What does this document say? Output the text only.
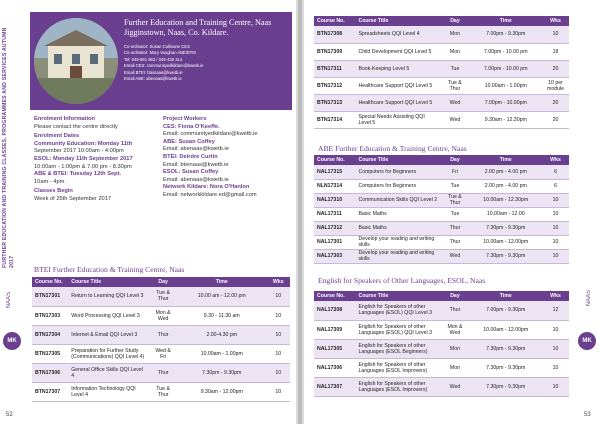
FURTHER EDUCATION AND TRAINING CLASSES, PROGRAMMES AND SERVICES AUTUMN 2017
NAAS
MK
52
Further Education and Training Centre, Naas
Jigginstown, Naas, Co. Kildare.
Co-ordinator: Susan Cullinane CES
Co-ordinator: Mary Vaughan ABE/BTEI
Tel: 045-861 863 / 045-436 314
Email CES: communityedkildare@kwetb.ie
Email BTEI: bteinaas@kwetb.ie
Email ABE: abenaas@kwetb.ie
Enrolment Information
Please contact the centre directly
Enrolment Dates
Community Education: Monday 11th
September 2017 10:00am - 4:00pm
ESOL: Monday 11th September 2017
10:00am - 1:00pm & 7.00 pm - 8.30pm
ABE & BTEI: Tuesday 12th Sept.
10am - 4pm.
Classes Begin
Week of 25th September 2017
Project Workers
CES: Fiona O'Keeffe.
Email: communityedkildare@kwetb.ie
ABE: Susan Coffey
Email: abenaas@kwetb.ie
BTEI: Deirdre Curtin
Email: bteinaas@kwetb.ie
ESOL: Susan Coffey
Email: abenaas@kwetb.ie
Network Kildare: Nora O'Hanlon
Email: networkkildare.ed@gmail.com
BTEI Further Education & Training Centre, Naas
Course No.	Course Title	Day	Time	Wks
BTN17301	Return to Learning QQI Level 3	Tue & Thur	10.00 am - 12.00 pm	10
BTN17303	Word Processing QQI Level 3	Mon & Wed	9.30 - 11.30 am	10
BTN17304	Internet & Email QQI Level 3	Thur	2.00-4.30 pm	10
BTN17305	Preparation for Further Study (Communications) QQI Level 4)	Wed & Fri	10.00am - 1.00pm	10
BTN17306	General Office Skills QQI Level 4	Thur	7.30pm - 9.30pm	10
BTN17307	Information Technology QQI Level 4	Tue & Thur	9.30am - 12.00pm	10
NAAS
MK
53
Course No.	Course Title	Day	Time	Wks
BTN17308	Spreadsheets QQI Level 4	Mon	7.00pm - 9.30pm	10
BTN17309	Child Development QQI Level 5	Mon	7.00pm - 10.00 pm	18
BTN17311	Book-Keeping Level 5	Tue	7.00pm - 10.00 pm	20
BTN17312	Healthcare Support QQI Level 5	Tue & Thur	10.00am - 1.00pm	10 per module
BTN17313	Healthcare Support QQI Level 5	Wed	7.00pm - 10.00pm	20
BTN17314	Special Needs Assisting QQI Level 5	Wed	9.30am - 12.30pm	20
ABE Further Education & Training Centre, Naas
Course No.	Course Title	Day	Time	Wks
NAL17315	Computers for Beginners	Fri	2.00 pm - 4.00 pm	6
NLN17314	Computers for Beginners	Tue	2.00 pm - 4.00 pm	6
NAL17310	Communication Skills QQI Level 2	Tue & Thur	10.00am - 12.30pm	10
NAL17311	Basic Maths	Tue	10.00am - 12.00	10
NAL17312	Basic Maths	Thur	7.30pm - 9.30pm	10
NAL17301	Develop your reading and writing skills	Thur	10.00am - 12.00pm	10
NAL17303	Develop your reading and writing skills	Wed	7.30pm - 9.30pm	10
English for Speakers of Other Languages, ESOL, Naas
Course No.	Course Title	Day	Time	Wks
NAL17308	English for Speakers of other Languages (ESOL) QQI Level 3	Thur	7.00pm - 9.30pm	12
NAL17309	English for Speakers of other Languages (ESOL) QQI Level 3	Mon & Wed	10.00am - 12.00pm	10
NAL17305	English for Speakers of other Languages (ESOL Beginners)	Mon	7.30pm - 9.30pm	10
NAL17306	English for Speakers of other Languages (ESOL Improvers)	Mon	7.30pm - 9.30pm	10
NAL17307	English for Speakers of other Languages (ESOL Improvers)	Wed	7.30pm - 9.30pm	10
